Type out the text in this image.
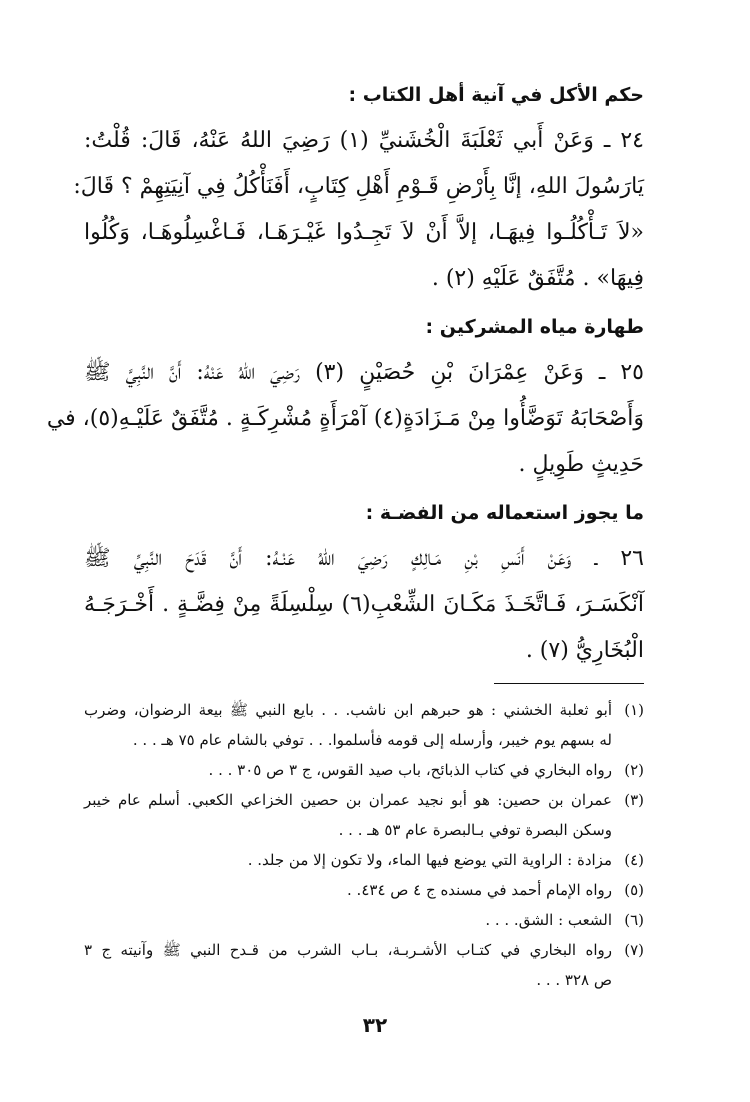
حكم الأكل في آنية أهل الكتاب :
٢٤ ـ وَعَنْ أَبي ثَعْلَبَةَ الْخُشَنيِّ (١) رَضِيَ اللهُ عَنْهُ، قَالَ: قُلْتُ:
يَارَسُولَ اللهِ، إنَّا بِأَرْضِ قَـوْمِ أَهْلِ كِتَابٍ، أَفَنَأْكُلُ فِي آنِيَتِهِمْ ؟ قَالَ:
«لاَ تَـأْكُلُـوا فِيهَـا، إلاَّ أَنْ لاَ تَجِـدُوا غَيْـرَهَـا، فَـاغْسِلُوهَـا، وَكُلُوا
فِيهَا» . مُتَّفَقٌ عَلَيْهِ (٢) .
طهارة مياه المشركين :
٢٥ ـ وَعَنْ عِمْرَانَ بْنِ حُصَيْنٍ (٣) رَضِيَ اللهُ عَنْهُ: أَنَّ النَّبِيَّ ﷺ
وَأَصْحَابَهُ تَوَضَّأُوا مِنْ مَـزَادَةٍ(٤) آمْرَأَةٍ مُشْرِكَـةٍ . مُتَّفَقٌ عَلَيْـهِ(٥)، في
حَدِيثٍ طَوِيلٍ .
ما يجوز استعماله من الفضـة :
٢٦ ـ وَعَنْ أَنَسِ بْنِ مَـالِكٍ رَضِيَ اللهُ عَنْـهُ: أَنَّ قَدَحَ النَّبِيِّ ﷺ
آنْكَسَـرَ، فَـاتَّخَـذَ مَكَـانَ الشِّعْبِ(٦) سِلْسِلَةً مِنْ فِضَّـةٍ . أَخْـرَجَـهُ
الْبُخَارِيُّ (٧) .
(١)
أبو ثعلبة الخشني : هو حبرهم ابن ناشب. . . بايع النبي ﷺ بيعة الرضوان، وضرب
له بسهم يوم خيبر، وأرسله إلى قومه فأسلموا. . . توفي بالشام عام ٧٥ هـ . . .
(٢)
رواه البخاري في كتاب الذبائح، باب صيد القوس، ج ٣ ص ٣٠٥ . . .
(٣)
عمران بن حصين: هو أبو نجيد عمران بن حصين الخزاعي الكعبي. أسلم عام خيبر
وسكن البصرة توفي بـالبصرة عام ٥٣ هـ . . .
(٤)
مزادة : الراوية التي يوضع فيها الماء، ولا تكون إلا من جلد. .
(٥)
رواه الإمام أحمد في مسنده ج ٤ ص ٤٣٤. .
(٦)
الشعب : الشق. . . .
(٧)
رواه البخاري في كتـاب الأشـربـة، بـاب الشرب من قـدح النبي ﷺ وآنيته ج ٣
ص ٣٢٨ . . .
٣٢
